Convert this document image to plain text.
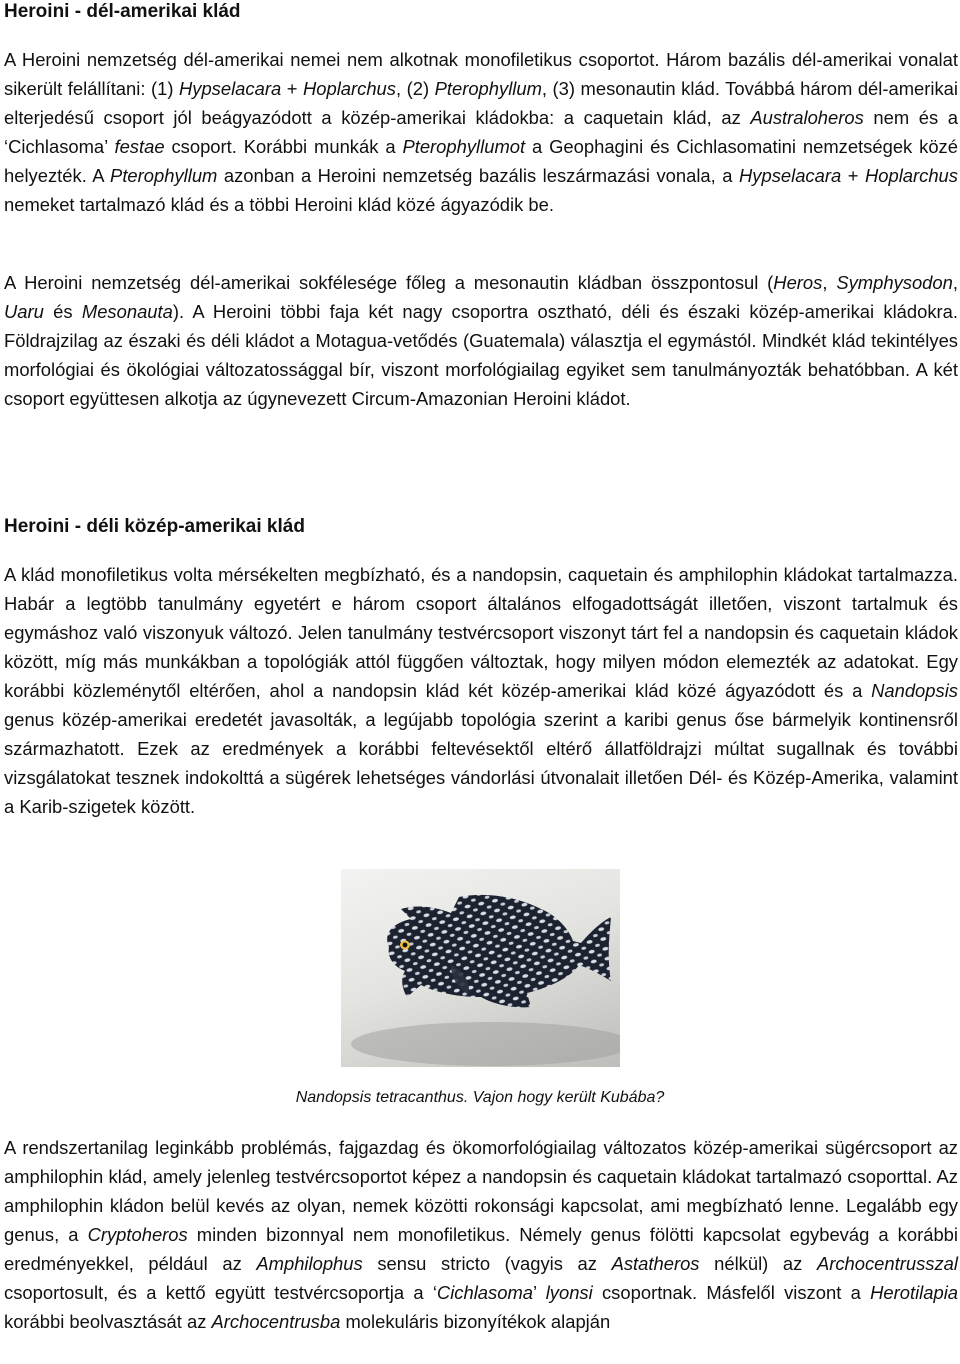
Heroini - dél-amerikai klád
A Heroini nemzetség dél-amerikai nemei nem alkotnak monofiletikus csoportot. Három bazális dél-amerikai vonalat sikerült felállítani: (1) Hypselacara + Hoplarchus, (2) Pterophyllum, (3) mesonautin klád. Továbbá három dél-amerikai elterjedésű csoport jól beágyazódott a közép-amerikai kládokba: a caquetain klád, az Australoheros nem és a ‘Cichlasoma’ festae csoport. Korábbi munkák a Pterophyllumot a Geophagini és Cichlasomatini nemzetségek közé helyezték. A Pterophyllum azonban a Heroini nemzetség bazális leszármazási vonala, a Hypselacara + Hoplarchus nemeket tartalmazó klád és a többi Heroini klád közé ágyazódik be.
A Heroini nemzetség dél-amerikai sokfélesége főleg a mesonautin kládban összpontosul (Heros, Symphysodon, Uaru és Mesonauta). A Heroini többi faja két nagy csoportra osztható, déli és északi közép-amerikai kládokra. Földrajzilag az északi és déli kládot a Motagua-vetődés (Guatemala) választja el egymástól. Mindkét klád tekintélyes morfológiai és ökológiai változatossággal bír, viszont morfológiailag egyiket sem tanulmányozták behatóbban. A két csoport együttesen alkotja az úgynevezett Circum-Amazonian Heroini kládot.
Heroini - déli közép-amerikai klád
A klád monofiletikus volta mérsékelten megbízható, és a nandopsin, caquetain és amphilophin kládokat tartalmazza. Habár a legtöbb tanulmány egyetért e három csoport általános elfogadottságát illetően, viszont tartalmuk és egymáshoz való viszonyuk változó. Jelen tanulmány testvércsoport viszonyt tárt fel a nandopsin és caquetain kládok között, míg más munkákban a topológiák attól függően változtak, hogy milyen módon elemezték az adatokat. Egy korábbi közleménytől eltérően, ahol a nandopsin klád két közép-amerikai klád közé ágyazódott és a Nandopsis genus közép-amerikai eredetét javasolták, a legújabb topológia szerint a karibi genus őse bármelyik kontinensről származhatott. Ezek az eredmények a korábbi feltevésektől eltérő állatföldrajzi múltat sugallnak és további vizsgálatokat tesznek indokolttá a sügérek lehetséges vándorlási útvonalait illetően Dél- és Közép-Amerika, valamint a Karib-szigetek között.
Nandopsis tetracanthus. Vajon hogy került Kubába?
A rendszertanilag leginkább problémás, fajgazdag és ökomorfológiailag változatos közép-amerikai sügércsoport az amphilophin klád, amely jelenleg testvércsoportot képez a nandopsin és caquetain kládokat tartalmazó csoporttal. Az amphilophin kládon belül kevés az olyan, nemek közötti rokonsági kapcsolat, ami megbízható lenne. Legalább egy genus, a Cryptoheros minden bizonnyal nem monofiletikus. Némely genus fölötti kapcsolat egybevág a korábbi eredményekkel, például az Amphilophus sensu stricto (vagyis az Astatheros nélkül) az Archocentrusszal csoportosult, és a kettő együtt testvércsoportja a ‘Cichlasoma’ lyonsi csoportnak. Másfelől viszont a Herotilapia korábbi beolvasztását az Archocentrusba molekuláris bizonyítékok alapján
